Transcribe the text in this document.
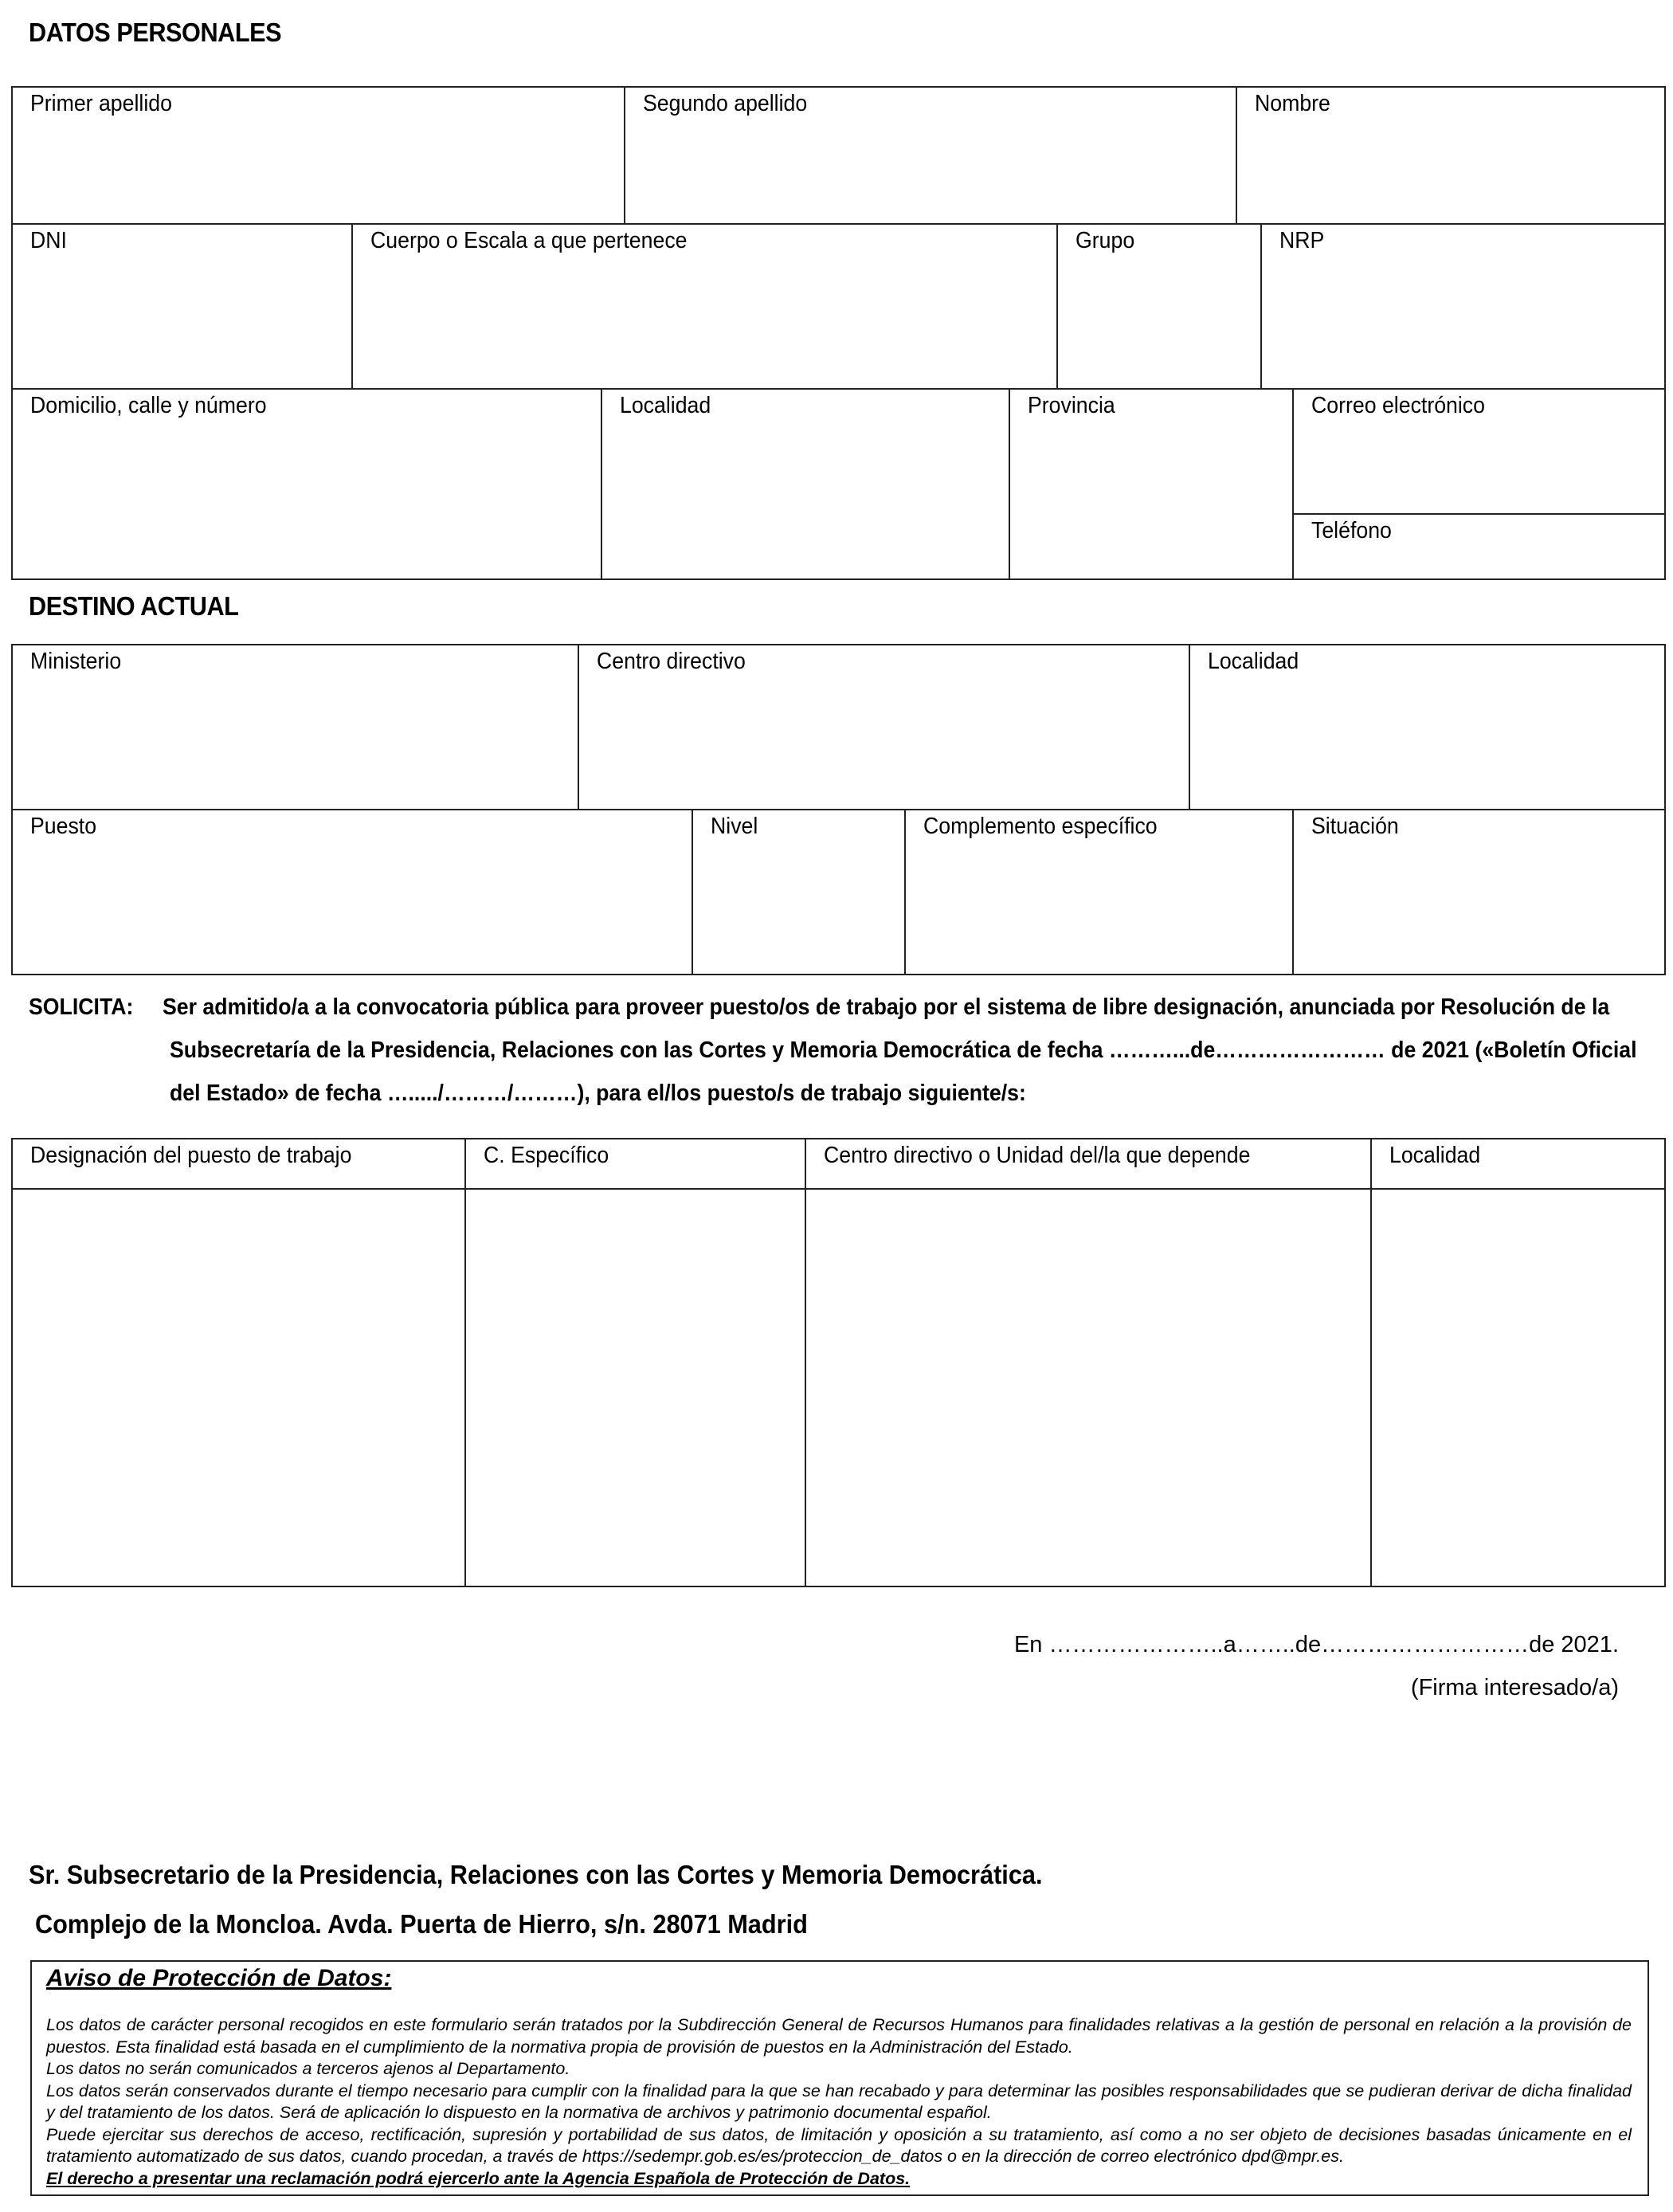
DATOS PERSONALES
Primer apellido	Segundo apellido	Nombre
DNI	Cuerpo o Escala a que pertenece	Grupo	NRP
Domicilio, calle y número	Localidad	Provincia	Correo electrónico
Teléfono
DESTINO ACTUAL
Ministerio	Centro directivo	Localidad
Puesto	Nivel	Complemento específico	Situación
SOLICITA: Ser admitido/a a la convocatoria pública para proveer puesto/os de trabajo por el sistema de libre designación, anunciada por Resolución de la
Subsecretaría de la Presidencia, Relaciones con las Cortes y Memoria Democrática de fecha ………...de…………………… de 2021 («Boletín Oficial
del Estado» de fecha …...../………/………), para el/los puesto/s de trabajo siguiente/s:
Designación del puesto de trabajo	C. Específico	Centro directivo o Unidad del/la que depende	Localidad
En …………………..a……..de………………………de 2021.
(Firma interesado/a)
Sr. Subsecretario de la Presidencia, Relaciones con las Cortes y Memoria Democrática.
Complejo de la Moncloa. Avda. Puerta de Hierro, s/n. 28071 Madrid
Aviso de Protección de Datos:

Los datos de carácter personal recogidos en este formulario serán tratados por la Subdirección General de Recursos Humanos para finalidades relativas a la gestión de personal en relación a la provisión de puestos. Esta finalidad está basada en el cumplimiento de la normativa propia de provisión de puestos en la Administración del Estado.

Los datos no serán comunicados a terceros ajenos al Departamento.

Los datos serán conservados durante el tiempo necesario para cumplir con la finalidad para la que se han recabado y para determinar las posibles responsabilidades que se pudieran derivar de dicha finalidad y del tratamiento de los datos. Será de aplicación lo dispuesto en la normativa de archivos y patrimonio documental español.

Puede ejercitar sus derechos de acceso, rectificación, supresión y portabilidad de sus datos, de limitación y oposición a su tratamiento, así como a no ser objeto de decisiones basadas únicamente en el tratamiento automatizado de sus datos, cuando procedan, a través de https://sedempr.gob.es/es/proteccion_de_datos o en la dirección de correo electrónico dpd@mpr.es.

El derecho a presentar una reclamación podrá ejercerlo ante la Agencia Española de Protección de Datos.
